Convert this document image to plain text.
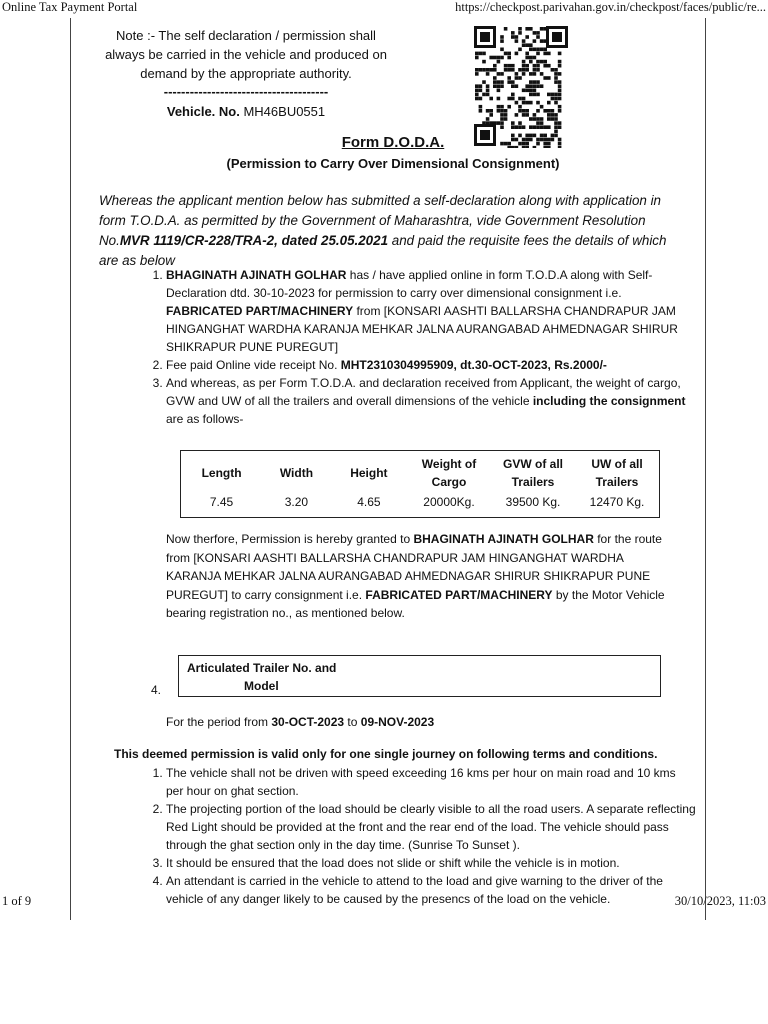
Online Tax Payment Portal	https://checkpost.parivahan.gov.in/checkpost/faces/public/re...
Note :- The self declaration / permission shall always be carried in the vehicle and produced on demand by the appropriate authority.
--------------------------------------
Vehicle. No. MH46BU0551
Form D.O.D.A.
(Permission to Carry Over Dimensional Consignment)
Whereas the applicant mention below has submitted a self-declaration along with application in form T.O.D.A. as permitted by the Government of Maharashtra, vide Government Resolution No.MVR 1119/CR-228/TRA-2, dated 25.05.2021 and paid the requisite fees the details of which are as below
1. BHAGINATH AJINATH GOLHAR has / have applied online in form T.O.D.A along with Self-Declaration dtd. 30-10-2023 for permission to carry over dimensional consignment i.e. FABRICATED PART/MACHINERY from [KONSARI AASHTI BALLARSHA CHANDRAPUR JAM HINGANGHAT WARDHA KARANJA MEHKAR JALNA AURANGABAD AHMEDNAGAR SHIRUR SHIKRAPUR PUNE PUREGUT]
2. Fee paid Online vide receipt No. MHT2310304995909, dt.30-OCT-2023, Rs.2000/-
3. And whereas, as per Form T.O.D.A. and declaration received from Applicant, the weight of cargo, GVW and UW of all the trailers and overall dimensions of the vehicle including the consignment are as follows-
Length	Width	Height	Weight of Cargo	GVW of all Trailers	UW of all Trailers
7.45	3.20	4.65	20000Kg.	39500 Kg.	12470 Kg.
Now therfore, Permission is hereby granted to BHAGINATH AJINATH GOLHAR for the route from [KONSARI AASHTI BALLARSHA CHANDRAPUR JAM HINGANGHAT WARDHA KARANJA MEHKAR JALNA AURANGABAD AHMEDNAGAR SHIRUR SHIKRAPUR PUNE PUREGUT] to carry consignment i.e. FABRICATED PART/MACHINERY by the Motor Vehicle bearing registration no., as mentioned below.
4.
Articulated Trailer No. and
Model
For the period from 30-OCT-2023 to 09-NOV-2023
This deemed permission is valid only for one single journey on following terms and conditions.
1. The vehicle shall not be driven with speed exceeding 16 kms per hour on main road and 10 kms per hour on ghat section.
2. The projecting portion of the load should be clearly visible to all the road users. A separate reflecting Red Light should be provided at the front and the rear end of the load. The vehicle should pass through the ghat section only in the day time. (Sunrise To Sunset ).
3. It should be ensured that the load does not slide or shift while the vehicle is in motion.
4. An attendant is carried in the vehicle to attend to the load and give warning to the driver of the vehicle of any danger likely to be caused by the presencs of the load on the vehicle.
1 of 9	30/10/2023, 11:03
